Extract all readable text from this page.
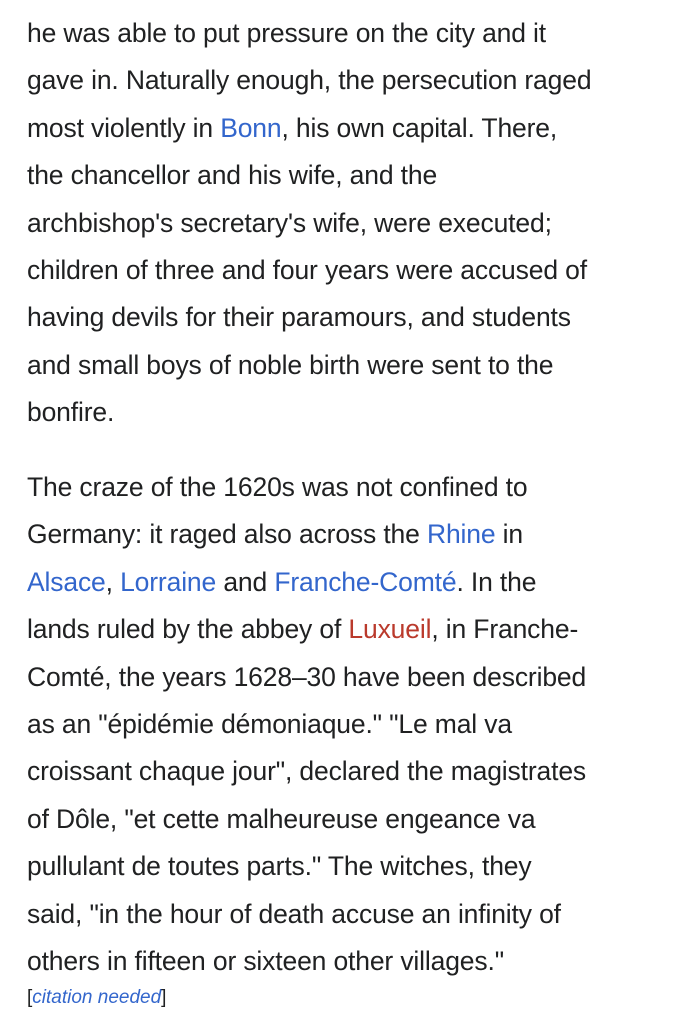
he was able to put pressure on the city and it
gave in. Naturally enough, the persecution raged
most violently in Bonn, his own capital. There,
the chancellor and his wife, and the
archbishop's secretary's wife, were executed;
children of three and four years were accused of
having devils for their paramours, and students
and small boys of noble birth were sent to the
bonfire.

The craze of the 1620s was not confined to
Germany: it raged also across the Rhine in
Alsace, Lorraine and Franche-Comté. In the
lands ruled by the abbey of Luxueil, in Franche-
Comté, the years 1628–30 have been described
as an "épidémie démoniaque." "Le mal va
croissant chaque jour", declared the magistrates
of Dôle, "et cette malheureuse engeance va
pullulant de toutes parts." The witches, they
said, "in the hour of death accuse an infinity of
others in fifteen or sixteen other villages."

[citation needed]
